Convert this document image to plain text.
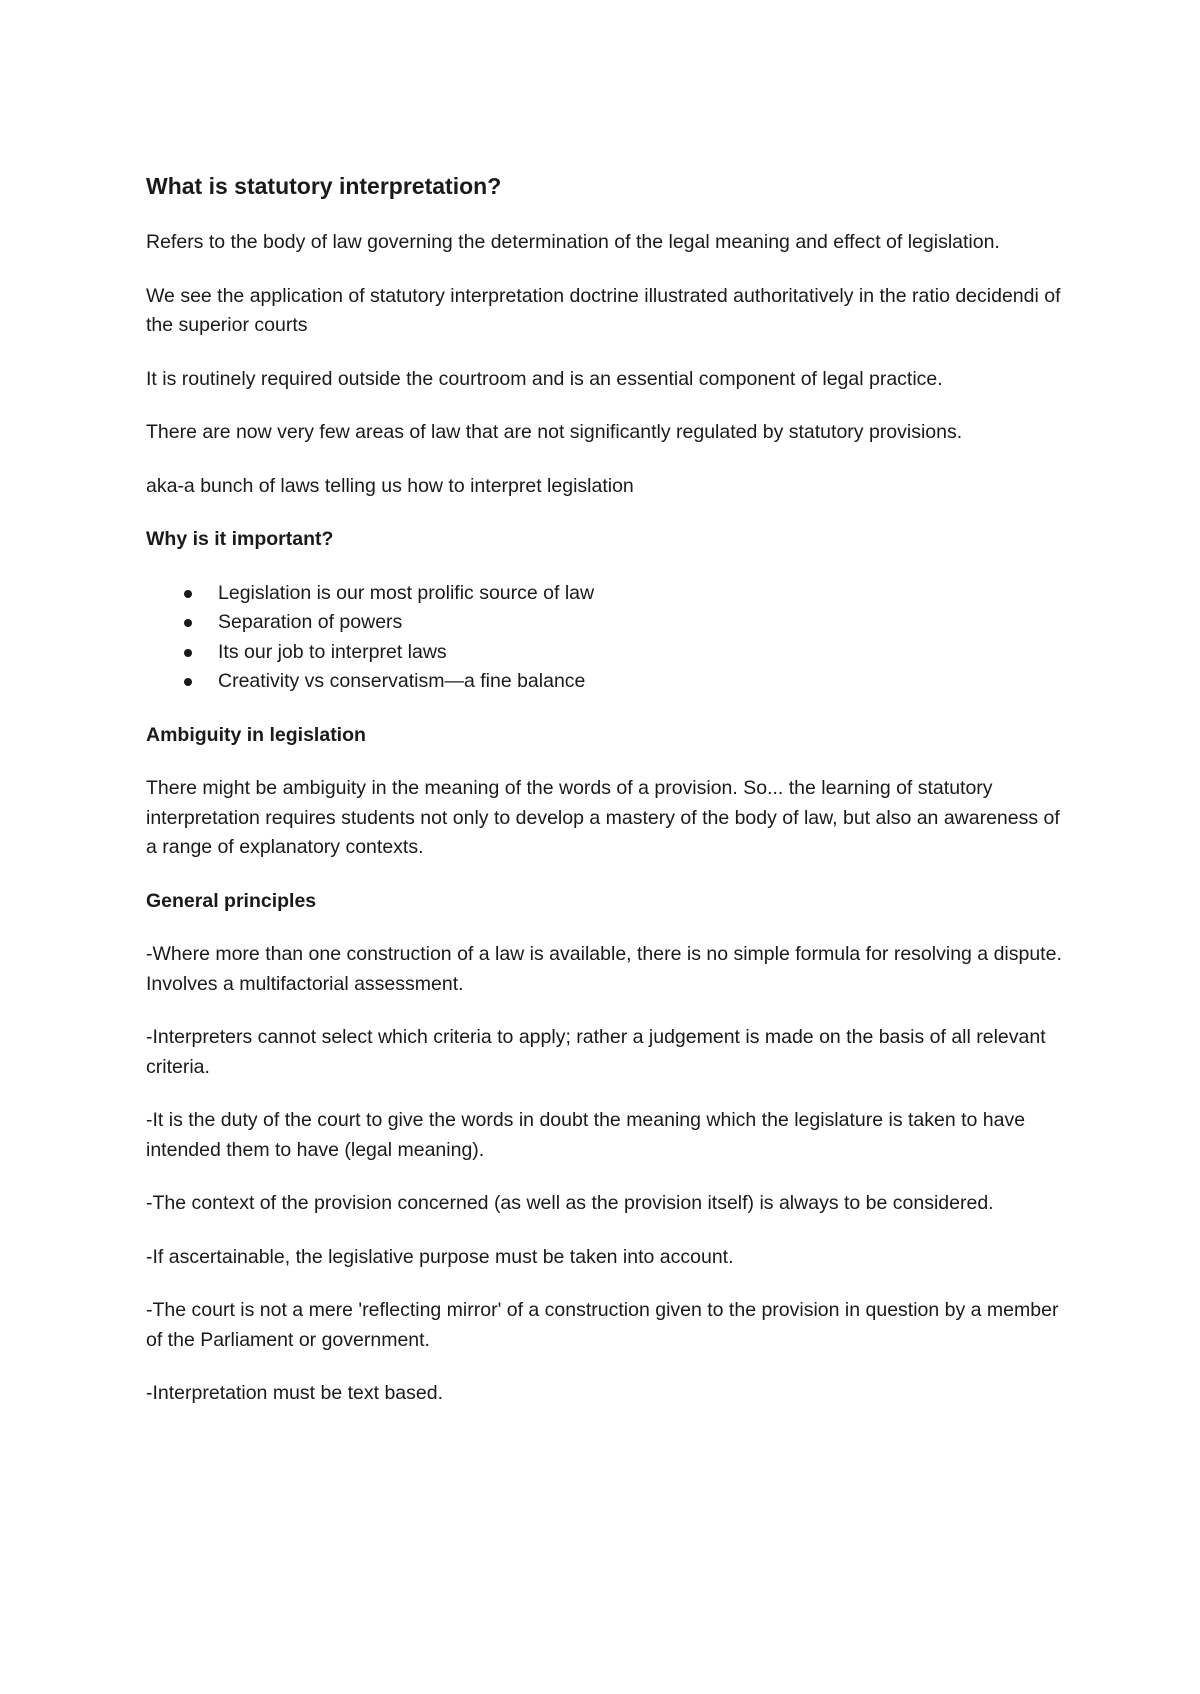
What is statutory interpretation?

Refers to the body of law governing the determination of the legal meaning and effect of legislation.

We see the application of statutory interpretation doctrine illustrated authoritatively in the ratio decidendi of the superior courts

It is routinely required outside the courtroom and is an essential component of legal practice.

There are now very few areas of law that are not significantly regulated by statutory provisions.

aka-a bunch of laws telling us how to interpret legislation

Why is it important?
Legislation is our most prolific source of law
Separation of powers
Its our job to interpret laws
Creativity vs conservatism—a fine balance
Ambiguity in legislation

There might be ambiguity in the meaning of the words of a provision. So... the learning of statutory interpretation requires students not only to develop a mastery of the body of law, but also an awareness of a range of explanatory contexts.

General principles

-Where more than one construction of a law is available, there is no simple formula for resolving a dispute. Involves a multifactorial assessment.

-Interpreters cannot select which criteria to apply; rather a judgement is made on the basis of all relevant criteria.

-It is the duty of the court to give the words in doubt the meaning which the legislature is taken to have intended them to have (legal meaning).

-The context of the provision concerned (as well as the provision itself) is always to be considered.

-If ascertainable, the legislative purpose must be taken into account.

-The court is not a mere 'reflecting mirror' of a construction given to the provision in question by a member of the Parliament or government.

-Interpretation must be text based.
